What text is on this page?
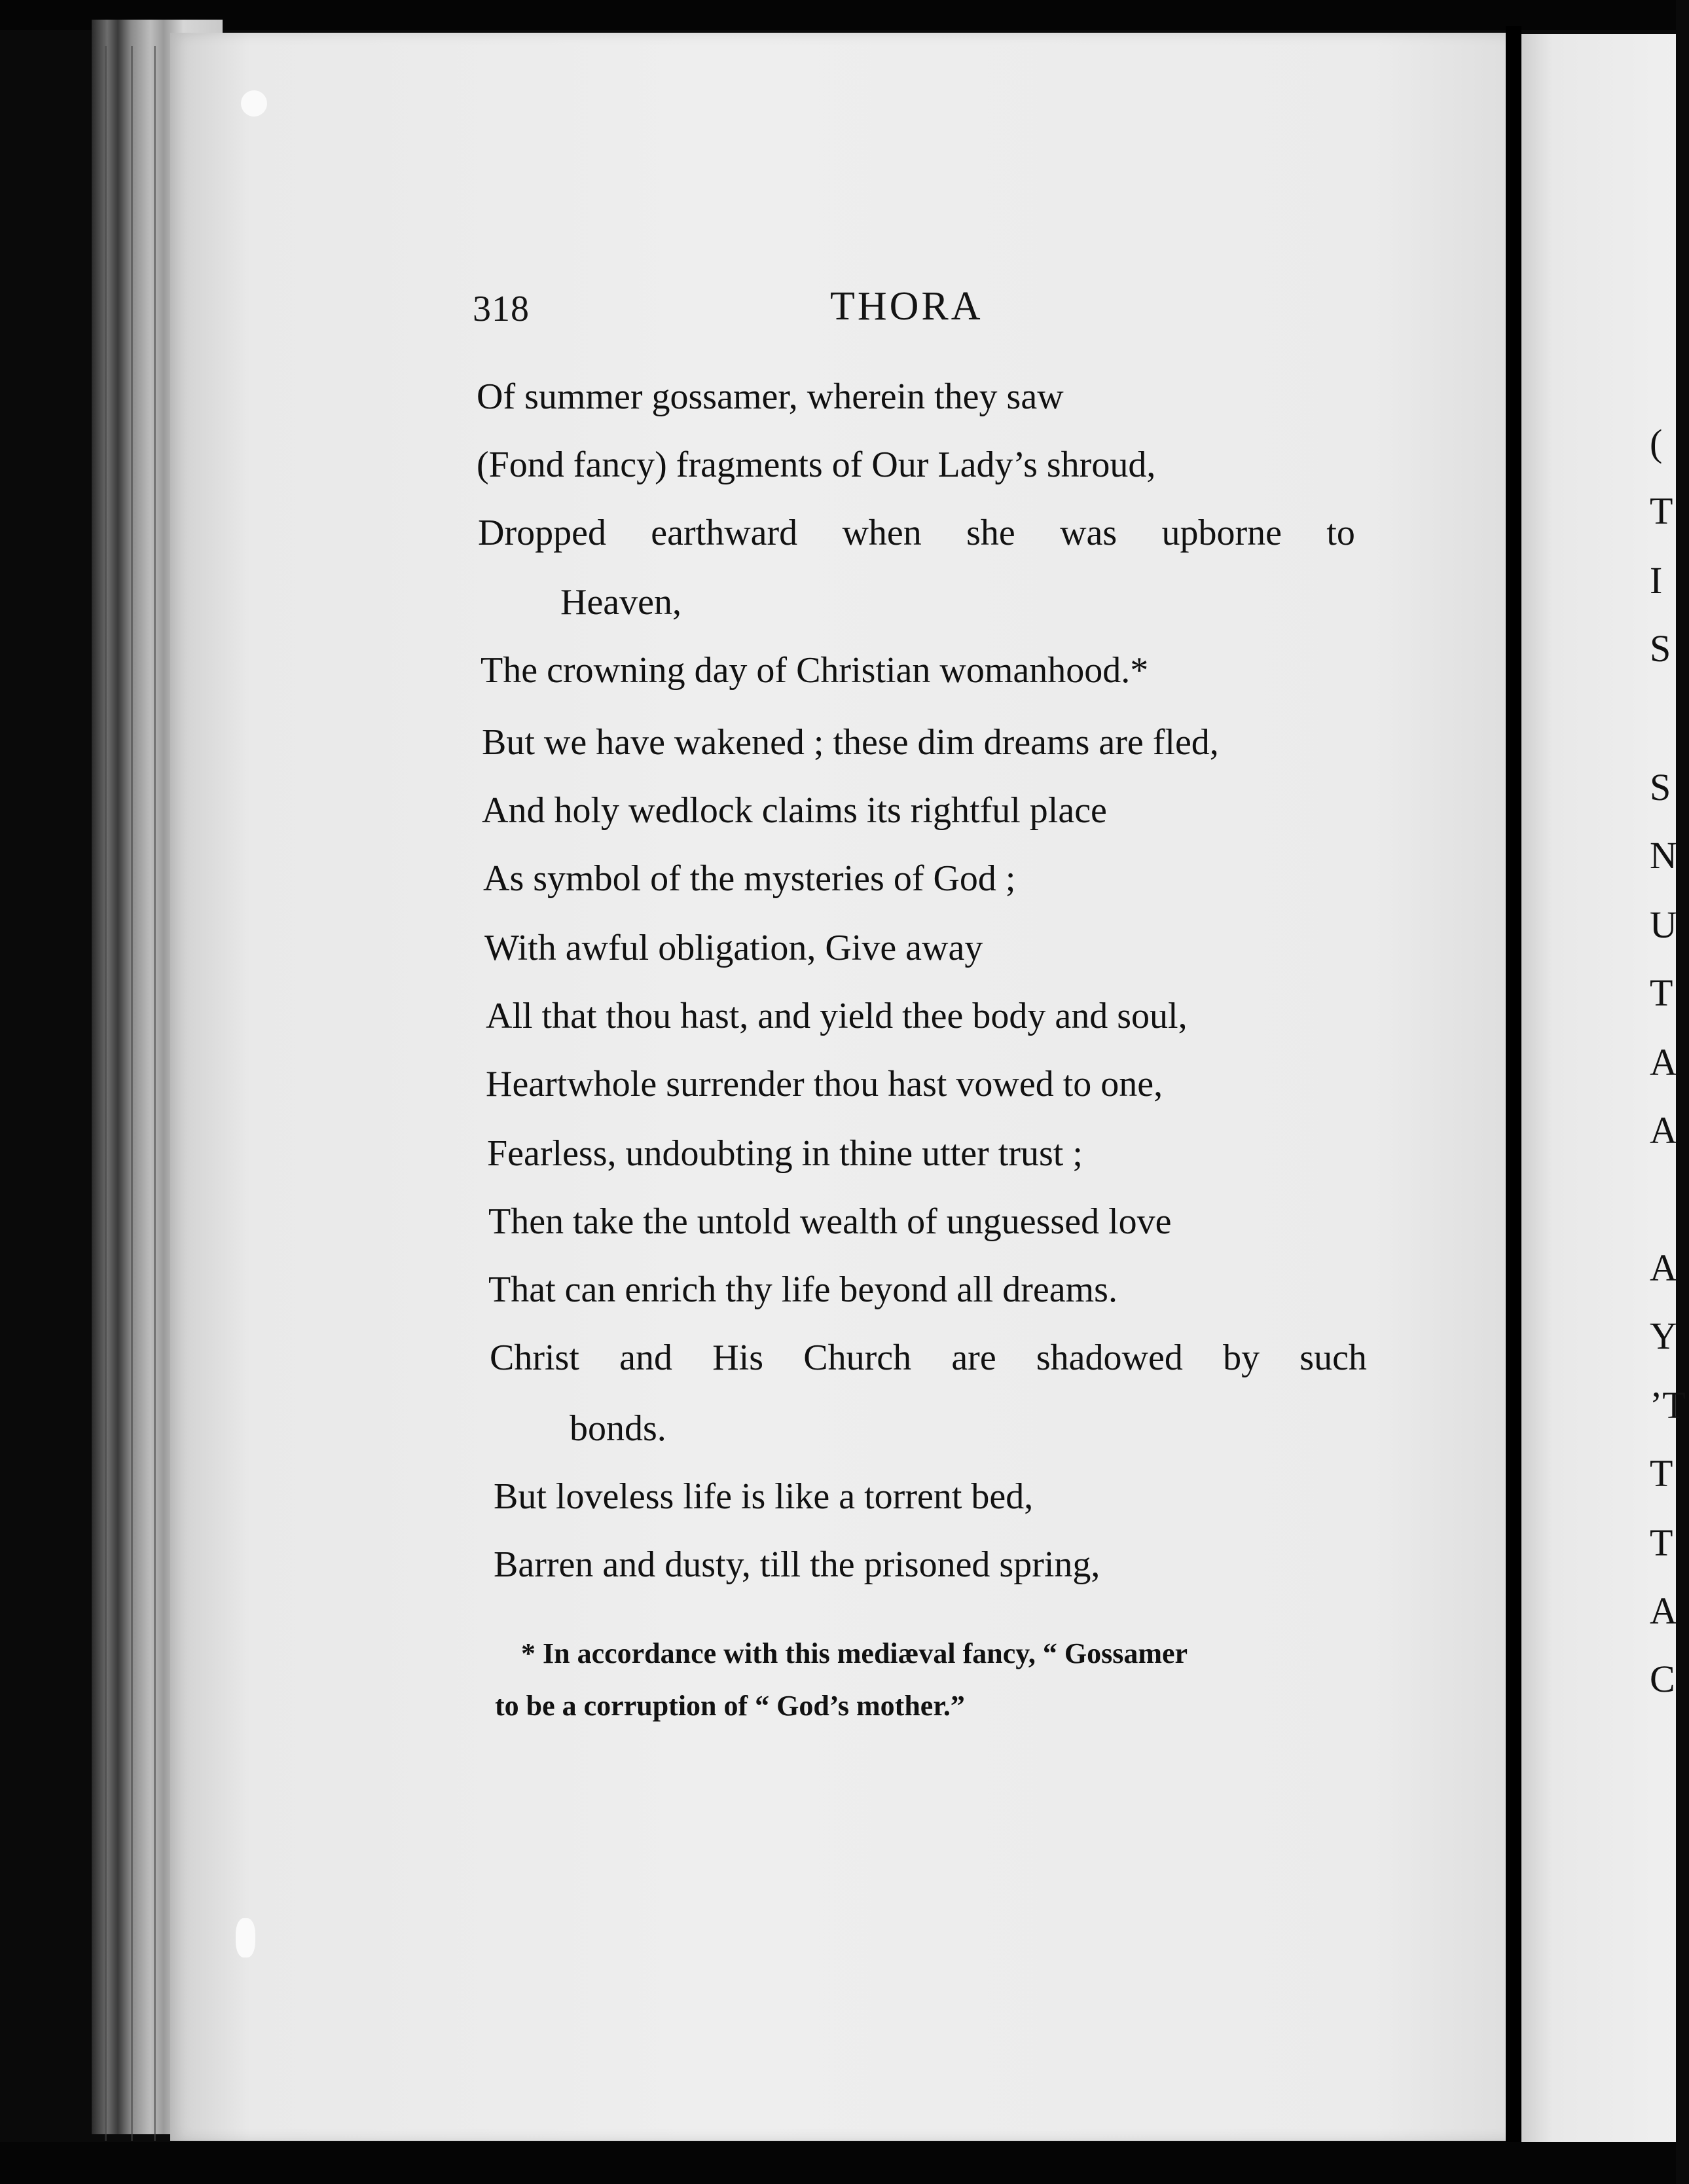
318	THORA
Of summer gossamer, wherein they saw
(Fond fancy) fragments of Our Lady’s shroud,
Dropped earthward when she was upborne to
Heaven,
The crowning day of Christian womanhood.*
But we have wakened ; these dim dreams are fled,
And holy wedlock claims its rightful place
As symbol of the mysteries of God ;
With awful obligation, Give away
All that thou hast, and yield thee body and soul,
Heartwhole surrender thou hast vowed to one,
Fearless, undoubting in thine utter trust ;
Then take the untold wealth of unguessed love
That can enrich thy life beyond all dreams.
Christ and His Church are shadowed by such
bonds.
But loveless life is like a torrent bed,
Barren and dusty, till the prisoned spring,
* In accordance with this mediæval fancy, “ Gossamer
to be a corruption of “ God’s mother.”
(
T
I
S
S
N
U
T
A
A
A
Y
’T
T
T
A
C
